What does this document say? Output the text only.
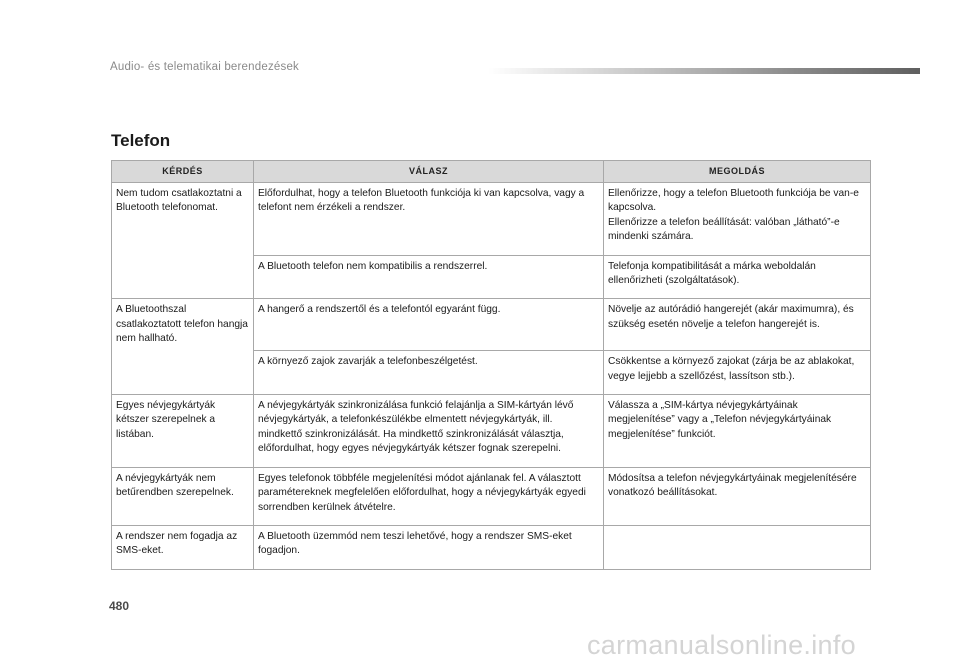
Audio- és telematikai berendezések
Telefon
KÉRDÉS	VÁLASZ	MEGOLDÁS
Nem tudom csatlakoztatni a Bluetooth telefonomat.	Előfordulhat, hogy a telefon Bluetooth funkciója ki van kapcsolva, vagy a telefont nem érzékeli a rendszer.	Ellenőrizze, hogy a telefon Bluetooth funkciója be van-e kapcsolva.
Ellenőrizze a telefon beállítását: valóban „látható”-e mindenki számára.
	A Bluetooth telefon nem kompatibilis a rendszerrel.	Telefonja kompatibilitását a márka weboldalán ellenőrizheti (szolgáltatások).
A Bluetoothszal csatlakoztatott telefon hangja nem hallható.	A hangerő a rendszertől és a telefontól egyaránt függ.	Növelje az autórádió hangerejét (akár maximumra), és szükség esetén növelje a telefon hangerejét is.
	A környező zajok zavarják a telefonbeszélgetést.	Csökkentse a környező zajokat (zárja be az ablakokat, vegye lejjebb a szellőzést, lassítson stb.).
Egyes névjegykártyák kétszer szerepelnek a listában.	A névjegykártyák szinkronizálása funkció felajánlja a SIM-kártyán lévő névjegykártyák, a telefonkészülékbe elmentett névjegykártyák, ill. mindkettő szinkronizálását. Ha mindkettő szinkronizálását választja, előfordulhat, hogy egyes névjegykártyák kétszer fognak szerepelni.	Válassza a „SIM-kártya névjegykártyáinak megjelenítése” vagy a „Telefon névjegykártyáinak megjelenítése” funkciót.
A névjegykártyák nem betűrendben szerepelnek.	Egyes telefonok többféle megjelenítési módot ajánlanak fel. A választott paramétereknek megfelelően előfordulhat, hogy a névjegykártyák egyedi sorrendben kerülnek átvételre.	Módosítsa a telefon névjegykártyáinak megjelenítésére vonatkozó beállításokat.
A rendszer nem fogadja az SMS-eket.	A Bluetooth üzemmód nem teszi lehetővé, hogy a rendszer SMS-eket fogadjon.	
480
carmanualsonline.info
